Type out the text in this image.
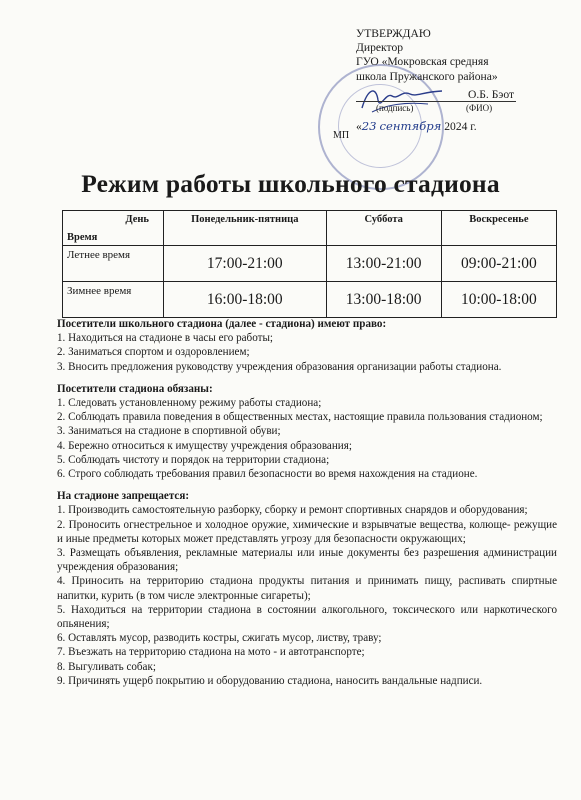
УТВЕРЖДАЮ
Директор
ГУО «Мокровская средняя
школа Пружанского района»
О.Б. Бэот
(подпись)	(ФИО)
«23 сентября 2024 г.
МП
Режим работы школьного стадиона
День
Время	Понедельник-пятница	Суббота	Воскресенье
Летнее время	17:00-21:00	13:00-21:00	09:00-21:00
Зимнее время	16:00-18:00	13:00-18:00	10:00-18:00
Посетители школьного стадиона (далее - стадиона) имеют право:

1. Находиться на стадионе в часы его работы;

2. Заниматься спортом и оздоровлением;

3. Вносить предложения руководству учреждения образования организации работы стадиона.

Посетители стадиона обязаны:

1. Следовать установленному режиму работы стадиона;

2. Соблюдать правила поведения в общественных местах, настоящие правила пользования стадионом;

3. Заниматься на стадионе в спортивной обуви;

4. Бережно относиться к имуществу учреждения образования;

5. Соблюдать чистоту и порядок на территории стадиона;

6. Строго соблюдать требования правил безопасности во время нахождения на стадионе.

На стадионе запрещается:

1. Производить самостоятельную разборку, сборку и ремонт спортивных снарядов и оборудования;

2. Проносить огнестрельное и холодное оружие, химические и взрывчатые вещества, колюще- режущие и иные предметы которых может представлять угрозу для безопасности окружающих;

3. Размещать объявления, рекламные материалы или иные документы без разрешения администрации учреждения образования;

4. Приносить на территорию стадиона продукты питания и принимать пищу, распивать спиртные напитки, курить (в том числе электронные сигареты);

5. Находиться на территории стадиона в состоянии алкогольного, токсического или наркотического опьянения;

6. Оставлять мусор, разводить костры, сжигать мусор, листву, траву;

7. Въезжать на территорию стадиона на мото - и автотранспорте;

8. Выгуливать собак;

9. Причинять ущерб покрытию и оборудованию стадиона, наносить вандальные надписи.
